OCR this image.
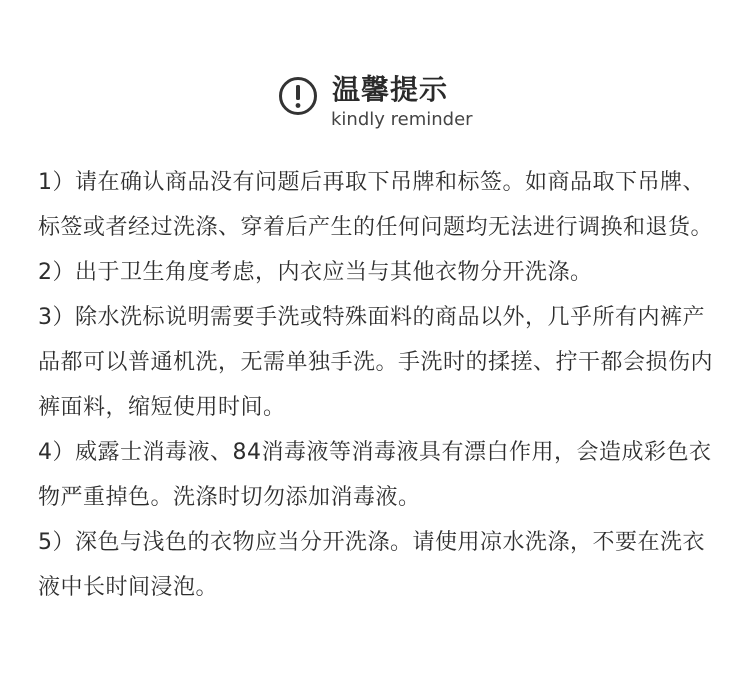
温馨提示
kindly reminder

1）请在确认商品没有问题后再取下吊牌和标签。如商品取下吊牌、标签或者经过洗涤、穿着后产生的任何问题均无法进行调换和退货。

2）出于卫生角度考虑，内衣应当与其他衣物分开洗涤。

3）除水洗标说明需要手洗或特殊面料的商品以外，几乎所有内裤产品都可以普通机洗，无需单独手洗。手洗时的揉搓、拧干都会损伤内裤面料，缩短使用时间。

4）威露士消毒液、84消毒液等消毒液具有漂白作用，会造成彩色衣物严重掉色。洗涤时切勿添加消毒液。

5）深色与浅色的衣物应当分开洗涤。请使用凉水洗涤，不要在洗衣液中长时间浸泡。
